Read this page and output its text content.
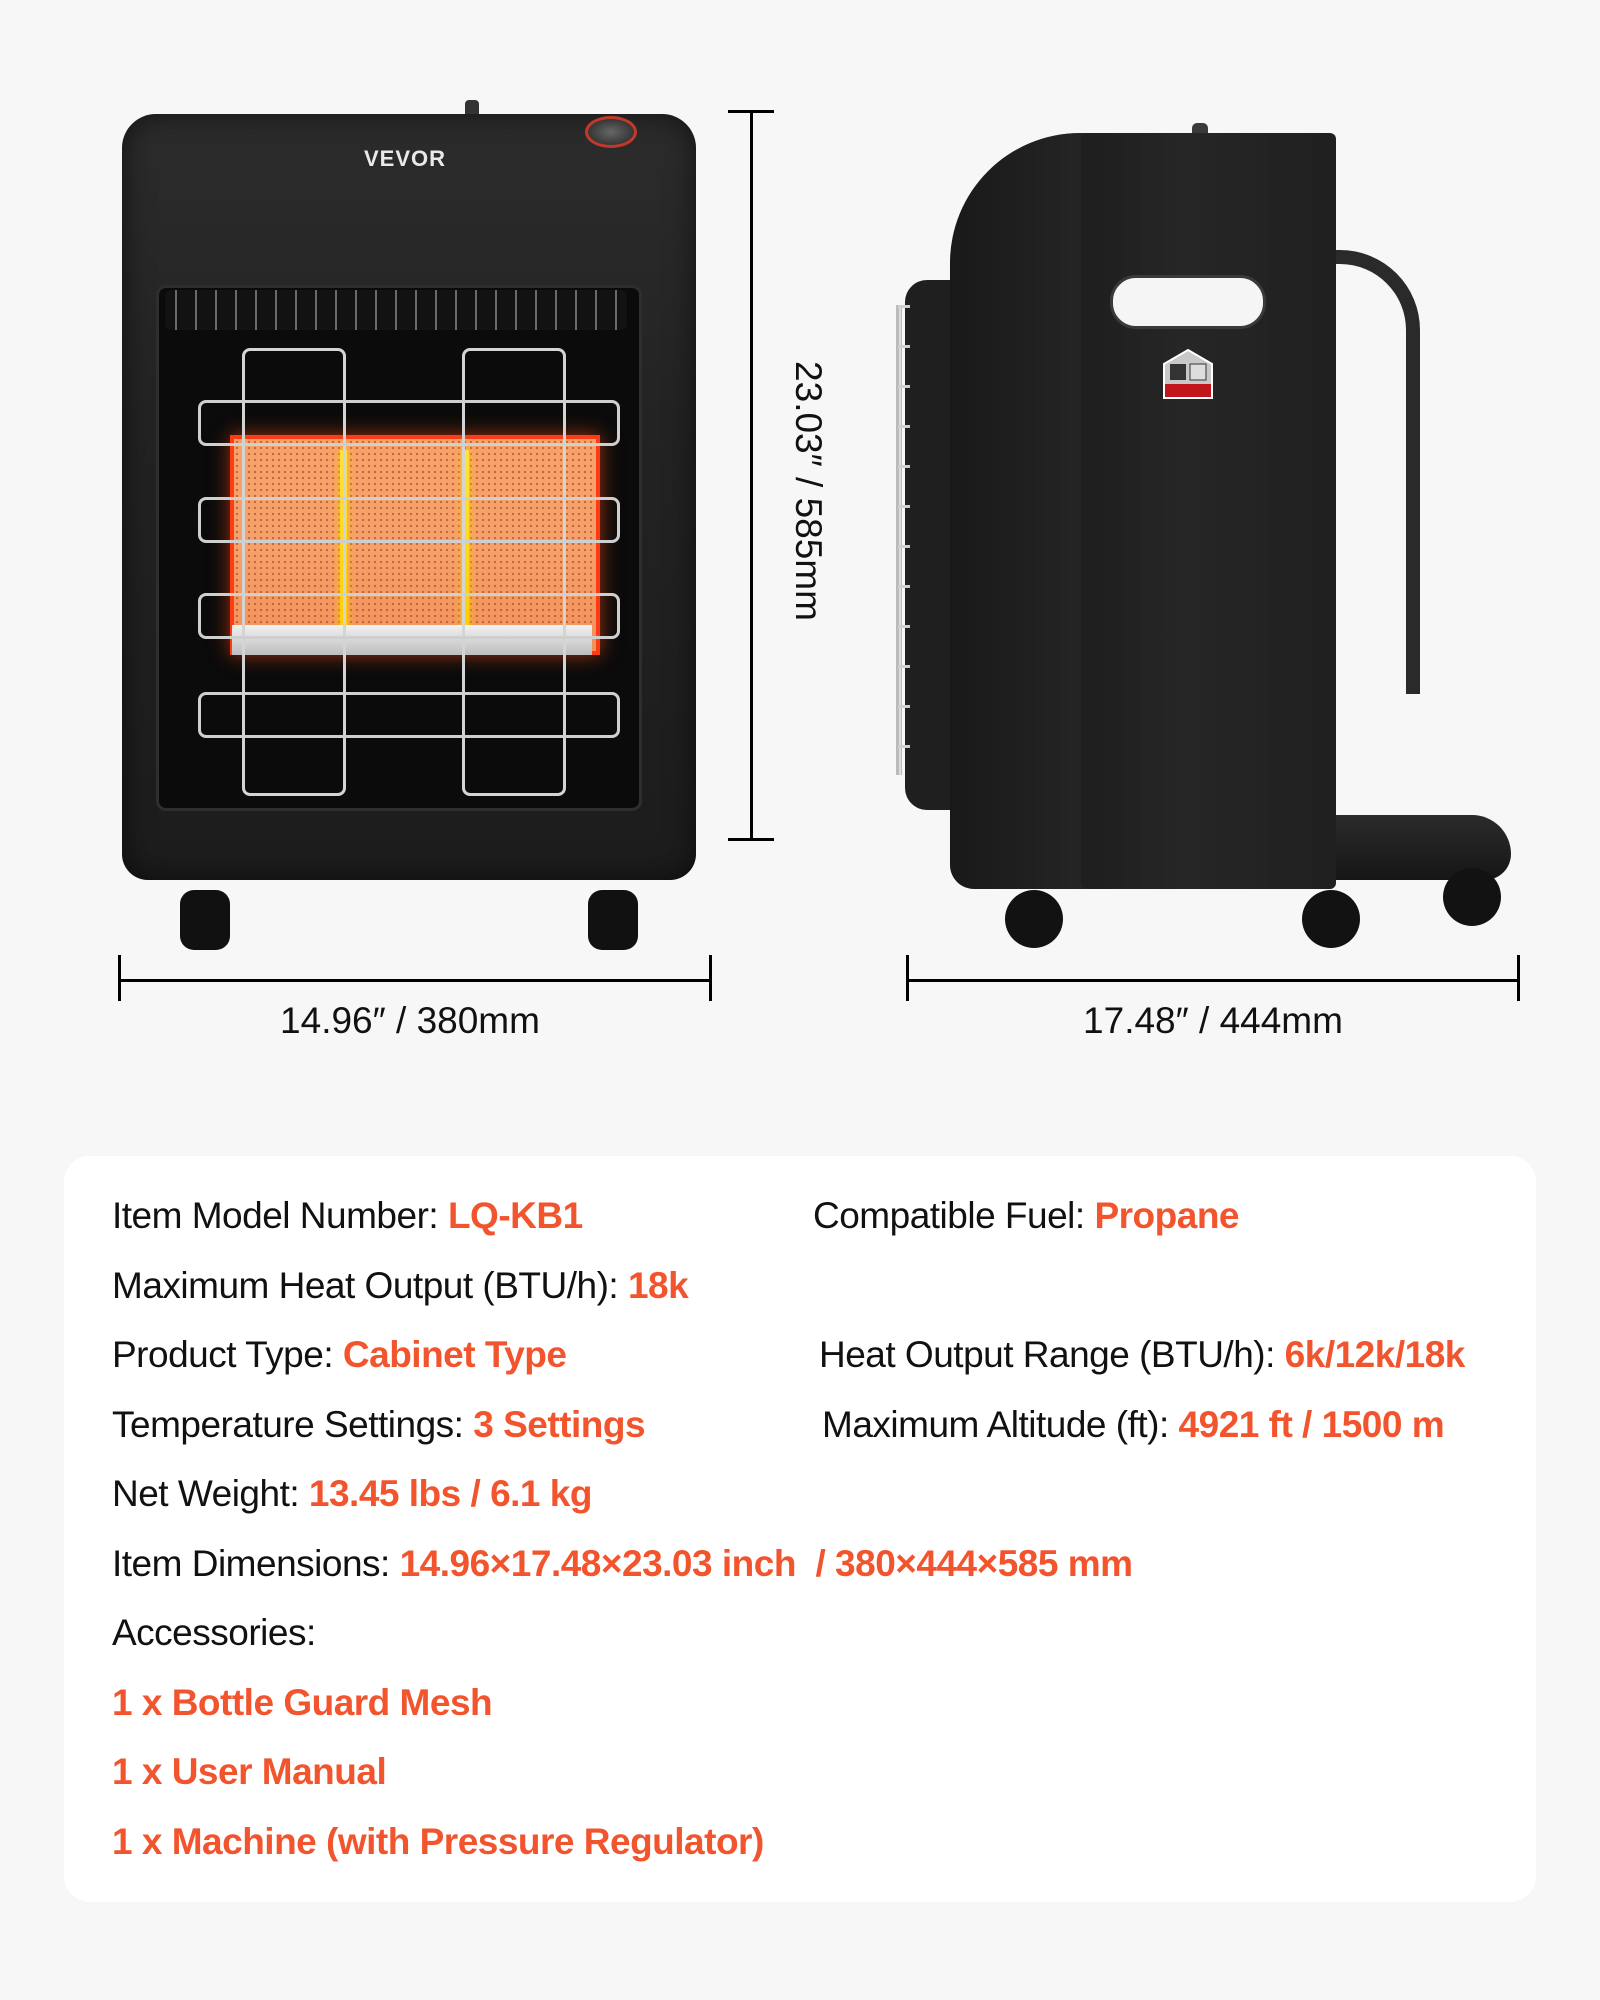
VEVOR
23.03″ / 585mm
14.96″ / 380mm	17.48″ / 444mm
Item Model Number: LQ-KB1	Compatible Fuel: Propane
Maximum Heat Output (BTU/h): 18k
Product Type: Cabinet Type	Heat Output Range (BTU/h): 6k/12k/18k
Temperature Settings: 3 Settings	Maximum Altitude (ft): 4921 ft / 1500 m
Net Weight: 13.45 lbs / 6.1 kg
Item Dimensions: 14.96×17.48×23.03 inch  / 380×444×585 mm
Accessories:
1 x Bottle Guard Mesh
1 x User Manual
1 x Machine (with Pressure Regulator)
